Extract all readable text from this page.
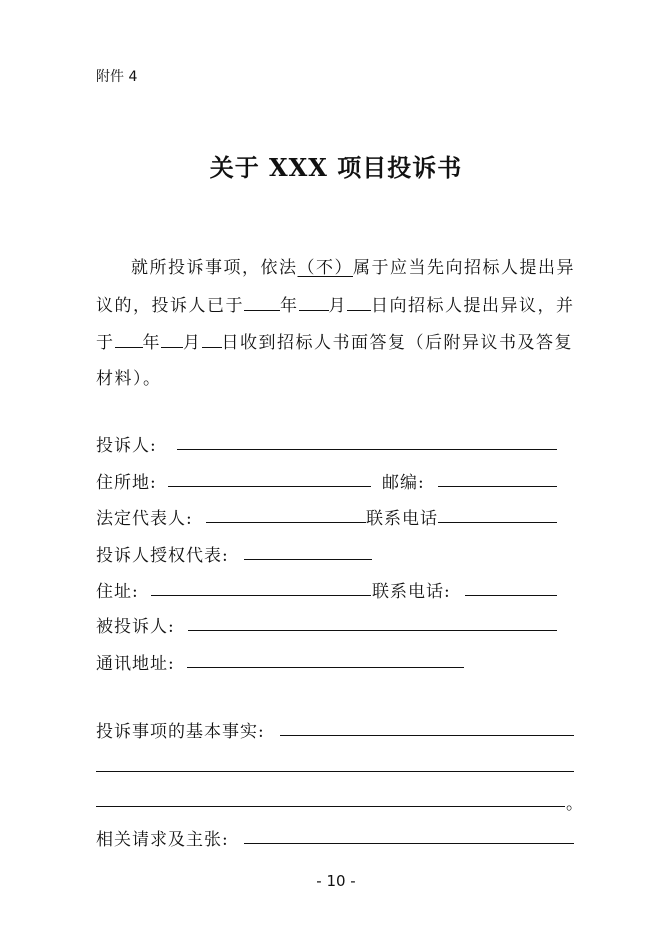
附件 4
关于 XXX 项目投诉书
就所投诉事项，依法（不）属于应当先向招标人提出异
议的，投诉人已于 年 月 日向招标人提出异议，并
于 年 月 日收到招标人书面答复（后附异议书及答复
材料）。
投诉人:
住所地:	邮编:
法定代表人:	联系电话
投诉人授权代表:
住址:	联系电话:
被投诉人:
通讯地址:
投诉事项的基本事实:
。
相关请求及主张:
- 10 -
